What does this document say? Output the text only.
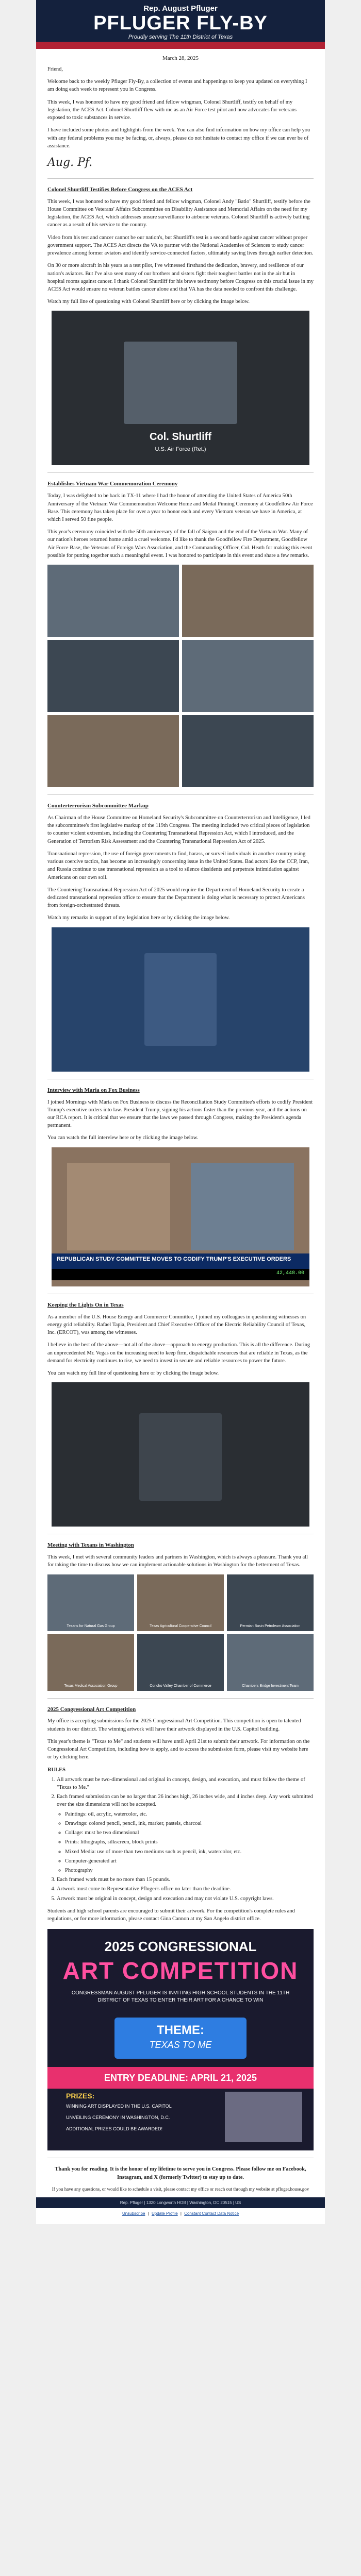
Rep. August Pfluger
PFLUGER FLY-BY
Proudly serving The 11th District of Texas
March 28, 2025

Friend,

Welcome back to the weekly Pfluger Fly-By, a collection of events and happenings to keep you updated on everything I am doing each week to represent you in Congress.

This week, I was honored to have my good friend and fellow wingman, Colonel Shurtliff, testify on behalf of my legislation, the ACES Act. Colonel Shurtliff flew with me as an Air Force test pilot and now advocates for veterans exposed to toxic substances in service.

I have included some photos and highlights from the week. You can also find information on how my office can help you with any federal problems you may be facing, or, always, please do not hesitate to contact my office if we can ever be of assistance.

Aug. Pf.
Colonel Shurtliff Testifies Before Congress on the ACES Act

This week, I was honored to have my good friend and fellow wingman, Colonel Andy "Batlo" Shurtliff, testify before the House Committee on Veterans' Affairs Subcommittee on Disability Assistance and Memorial Affairs on the need for my legislation, the ACES Act, which addresses unsure surveillance to airborne veterans. Colonel Shurtliff is actively battling cancer as a result of his service to the country.

Video from his test and cancer cannot be our nation's, but Shurtliff's test is a second battle against cancer without proper government support. The ACES Act directs the VA to partner with the National Academies of Sciences to study cancer prevalence among former aviators and identify service-connected factors, ultimately saving lives through earlier detection.

On 30 or more aircraft in his years as a test pilot, I've witnessed firsthand the dedication, bravery, and resilience of our nation's aviators. But I've also seen many of our brothers and sisters fight their toughest battles not in the air but in hospital rooms against cancer. I thank Colonel Shurtliff for his brave testimony before Congress on this crucial issue in my ACES Act would ensure no veteran battles cancer alone and that VA has the data needed to confront this challenge.

Watch my full line of questioning with Colonel Shurtliff here or by clicking the image below.

Col. Shurtliff
U.S. Air Force (Ret.)
Establishes Vietnam War Commemoration Ceremony

Today, I was delighted to be back in TX-11 where I had the honor of attending the United States of America 50th Anniversary of the Vietnam War Commemoration Welcome Home and Medal Pinning Ceremony at Goodfellow Air Force Base. This ceremony has taken place for over a year to honor each and every Vietnam veteran we have in America, at which I served 50 fine people.

This year's ceremony coincided with the 50th anniversary of the fall of Saigon and the end of the Vietnam War. Many of our nation's heroes returned home amid a cruel welcome. I'd like to thank the Goodfellow Fire Department, Goodfellow Air Force Base, the Veterans of Foreign Wars Association, and the Commanding Officer, Col. Heath for making this event possible for putting together such a meaningful event. I was honored to participate in this event and share a few remarks.

Counterterrorism Subcommittee Markup

As Chairman of the House Committee on Homeland Security's Subcommittee on Counterterrorism and Intelligence, I led the subcommittee's first legislative markup of the 119th Congress. The meeting included two critical pieces of legislation to counter violent extremism, including the Countering Transnational Repression Act, which I introduced, and the Generation of Terrorism Risk Assessment and the Countering Transnational Repression Act of 2025.

Transnational repression, the use of foreign governments to find, harass, or surveil individuals in another country using various coercive tactics, has become an increasingly concerning issue in the United States. Bad actors like the CCP, Iran, and Russia continue to use transnational repression as a tool to silence dissidents and perpetrate intimidation against Americans on our own soil.

The Countering Transnational Repression Act of 2025 would require the Department of Homeland Security to create a dedicated transnational repression office to ensure that the Department is doing what is necessary to protect Americans from foreign-orchestrated threats.

Watch my remarks in support of my legislation here or by clicking the image below.

Interview with Maria on Fox Business

I joined Mornings with Maria on Fox Business to discuss the Reconciliation Study Committee's efforts to codify President Trump's executive orders into law. President Trump, signing his actions faster than the previous year, and the actions on our RCA report. It is critical that we ensure that the laws we passed through Congress, making the President's agenda permanent.

You can watch the full interview here or by clicking the image below.

REPUBLICAN STUDY COMMITTEE MOVES TO CODIFY TRUMP'S EXECUTIVE ORDERS
42,448.00
Keeping the Lights On in Texas

As a member of the U.S. House Energy and Commerce Committee, I joined my colleagues in questioning witnesses on energy grid reliability. Rafael Tapia, President and Chief Executive Officer of the Electric Reliability Council of Texas, Inc. (ERCOT), was among the witnesses.

I believe in the best of the above—not all of the above—approach to energy production. This is all the difference. During an unprecedented Mr. Vegas on the increasing need to keep firm, dispatchable resources that are reliable in Texas, as the demand for electricity continues to rise, we need to invest in secure and reliable resources to power the future.

You can watch my full line of questioning here or by clicking the image below.

Meeting with Texans in Washington

This week, I met with several community leaders and partners in Washington, which is always a pleasure. Thank you all for taking the time to discuss how we can implement actionable solutions in Washington for the betterment of Texas.

Texans for Natural Gas Group	Texas Agricultural Cooperative Council	Permian Basin Petroleum Association
Texas Medical Association Group	Concho Valley Chamber of Commerce	Chambers Bridge Investment Team
2025 Congressional Art Competition

My office is accepting submissions for the 2025 Congressional Art Competition. This competition is open to talented students in our district. The winning artwork will have their artwork displayed in the U.S. Capitol building.

This year's theme is "Texas to Me" and students will have until April 21st to submit their artwork. For information on the Congressional Art Competition, including how to apply, and to access the submission form, please visit my website here or by clicking here.

RULES

1. All artwork must be two-dimensional and original in concept, design, and execution, and must follow the theme of "Texas to Me."
2. Each framed submission can be no larger than 26 inches high, 26 inches wide, and 4 inches deep. Any work submitted over the size dimensions will not be accepted.
◦ Paintings: oil, acrylic, watercolor, etc.
◦ Drawings: colored pencil, pencil, ink, marker, pastels, charcoal
◦ Collage: must be two dimensional
◦ Prints: lithographs, silkscreen, block prints
◦ Mixed Media: use of more than two mediums such as pencil, ink, watercolor, etc.
◦ Computer-generated art
◦ Photography
3. Each framed work must be no more than 15 pounds.
4. Artwork must come to Representative Pfluger's office no later than the deadline.
5. Artwork must be original in concept, design and execution and may not violate U.S. copyright laws.

Students and high school parents are encouraged to submit their artwork. For the competition's complete rules and regulations, or for more information, please contact Gina Cannon at my San Angelo district office.

2025 CONGRESSIONAL
ART COMPETITION
CONGRESSMAN AUGUST PFLUGER IS INVITING HIGH SCHOOL STUDENTS IN THE 11TH DISTRICT OF TEXAS TO ENTER THEIR ART FOR A CHANCE TO WIN
THEME:
TEXAS TO ME
ENTRY DEADLINE: APRIL 21, 2025
PRIZES:
WINNING ART DISPLAYED IN THE U.S. CAPITOL
UNVEILING CEREMONY IN WASHINGTON, D.C.
ADDITIONAL PRIZES COULD BE AWARDED!

Thank you for reading. It is the honor of my lifetime to serve you in Congress. Please follow me on Facebook, Instagram, and X (formerly Twitter) to stay up to date.

If you have any questions, or would like to schedule a visit, please contact my office or reach out through my website at pfluger.house.gov

Rep. Pfluger | 1320 Longworth HOB | Washington, DC 20515 | US
Unsubscribe | Update Profile | Constant Contact Data Notice
